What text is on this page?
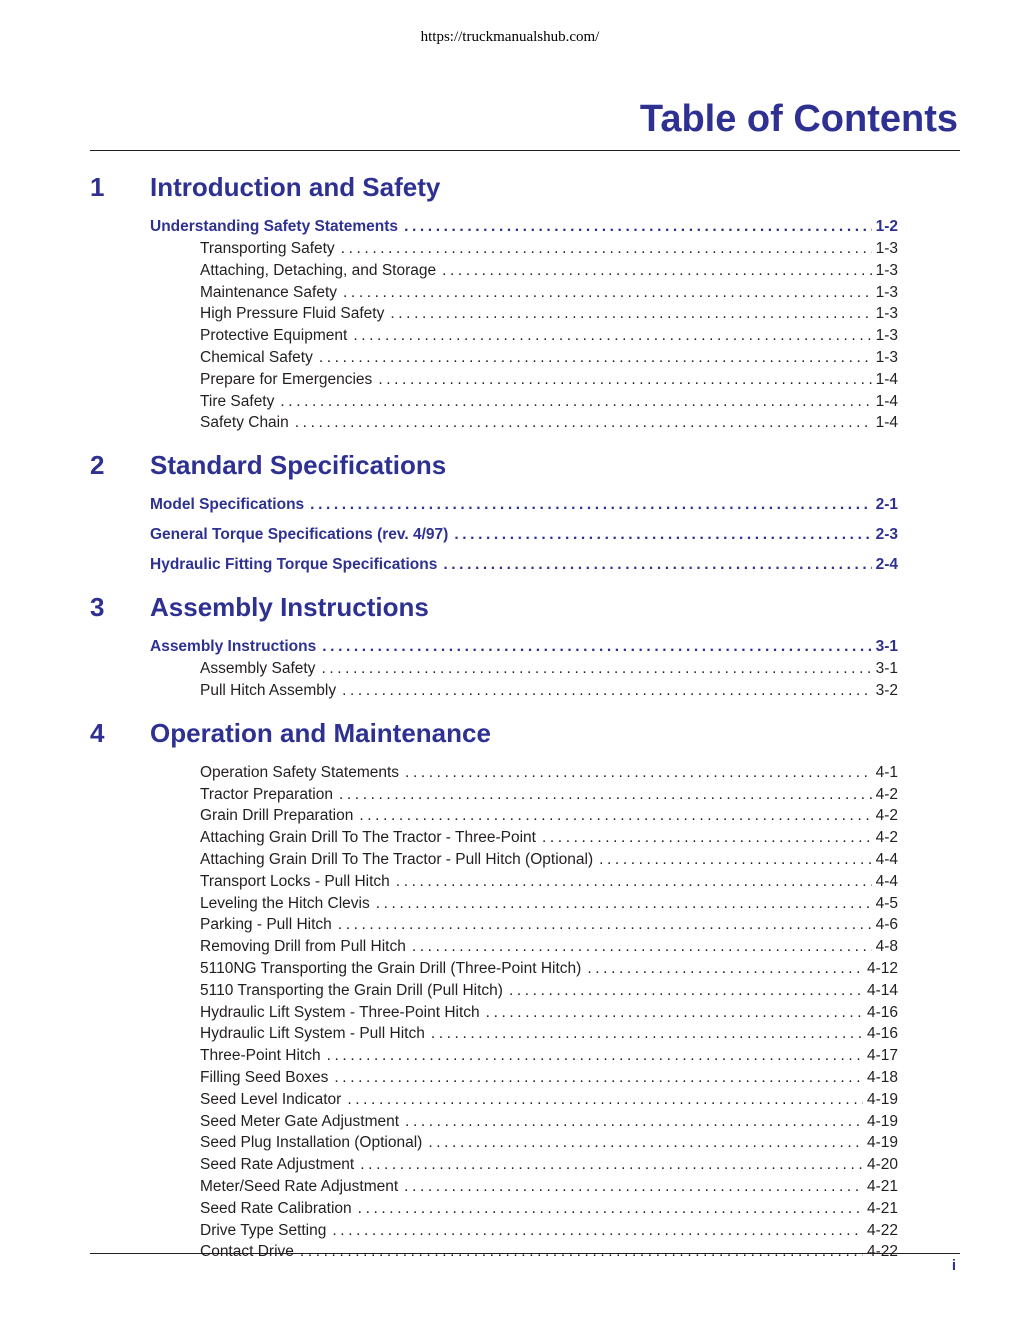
https://truckmanualshub.com/
Table of Contents
1	Introduction and Safety
Understanding Safety Statements .....	1-2
Transporting Safety .....	1-3
Attaching, Detaching, and Storage .....	1-3
Maintenance Safety .....	1-3
High Pressure Fluid Safety .....	1-3
Protective Equipment .....	1-3
Chemical Safety .....	1-3
Prepare for Emergencies .....	1-4
Tire Safety .....	1-4
Safety Chain .....	1-4
2	Standard Specifications
Model Specifications .....	2-1
General Torque Specifications (rev. 4/97) .....	2-3
Hydraulic Fitting Torque Specifications .....	2-4
3	Assembly Instructions
Assembly Instructions .....	3-1
Assembly Safety .....	3-1
Pull Hitch Assembly .....	3-2
4	Operation and Maintenance
Operation Safety Statements .....	4-1
Tractor Preparation .....	4-2
Grain Drill Preparation .....	4-2
Attaching Grain Drill To The Tractor - Three-Point .....	4-2
Attaching Grain Drill To The Tractor - Pull Hitch (Optional) .....	4-4
Transport Locks - Pull Hitch .....	4-4
Leveling the Hitch Clevis .....	4-5
Parking - Pull Hitch .....	4-6
Removing Drill from Pull Hitch .....	4-8
5110NG Transporting the Grain Drill (Three-Point Hitch) .....	4-12
5110 Transporting the Grain Drill (Pull Hitch) .....	4-14
Hydraulic Lift System - Three-Point Hitch .....	4-16
Hydraulic Lift System - Pull Hitch .....	4-16
Three-Point Hitch .....	4-17
Filling Seed Boxes .....	4-18
Seed Level Indicator .....	4-19
Seed Meter Gate Adjustment .....	4-19
Seed Plug Installation (Optional) .....	4-19
Seed Rate Adjustment .....	4-20
Meter/Seed Rate Adjustment .....	4-21
Seed Rate Calibration .....	4-21
Drive Type Setting .....	4-22
Contact Drive .....	4-22
i
